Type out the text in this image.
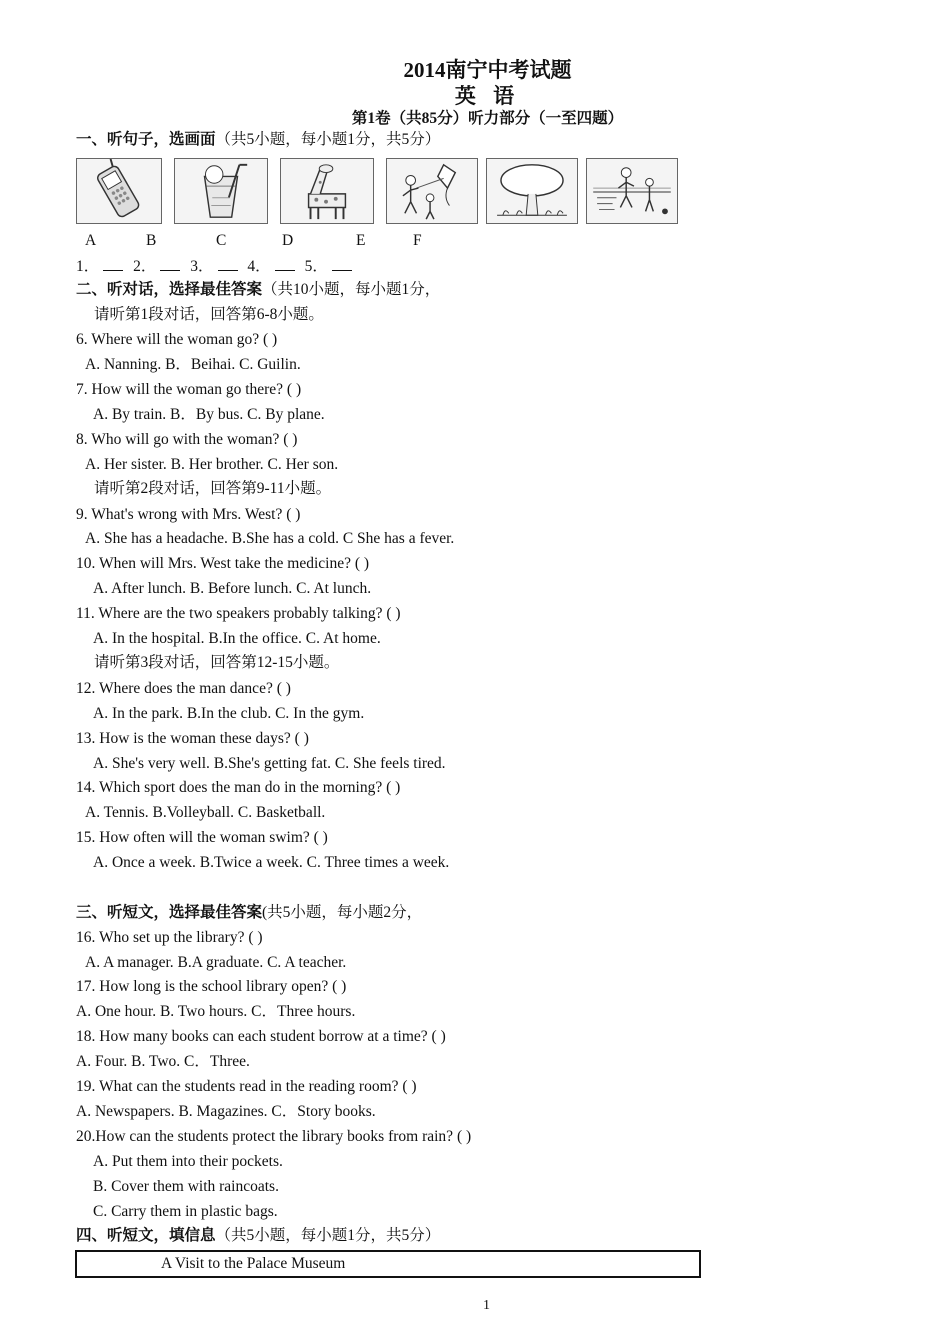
2014南宁中考试题
英 语
第1卷（共85分）听力部分（一至四题）
一、听句子，选画面（共5小题，每小题1分，共5分）
A	B	C	D	E	F
1． 2． 3． 4． 5．
二、听对话，选择最佳答案（共10小题，每小题1分，
请听第1段对话，回答第6-8小题。
6. Where will the woman go? ( )
A. Nanning. B．Beihai. C. Guilin.
7. How will the woman go there? ( )
A. By train. B．By bus. C. By plane.
8. Who will go with the woman? ( )
A. Her sister. B. Her brother. C. Her son.
请听第2段对话，回答第9-11小题。
9. What's wrong with Mrs. West? ( )
A. She has a headache. B.She has a cold. C She has a fever.
10. When will Mrs. West take the medicine? ( )
A. After lunch. B. Before lunch. C. At lunch.
11. Where are the two speakers probably talking? ( )
A. In the hospital. B.In the office. C. At home.
请听第3段对话，回答第12-15小题。
12. Where does the man dance? ( )
A. In the park. B.In the club. C. In the gym.
13. How is the woman these days? ( )
A. She's very well. B.She's getting fat. C. She feels tired.
14. Which sport does the man do in the morning? ( )
A. Tennis. B.Volleyball. C. Basketball.
15. How often will the woman swim? ( )
A. Once a week. B.Twice a week. C. Three times a week.
三、听短文，选择最佳答案(共5小题，每小题2分，
16. Who set up the library? ( )
A. A manager. B.A graduate. C. A teacher.
17. How long is the school library open? ( )
A. One hour. B. Two hours. C．Three hours.
18. How many books can each student borrow at a time? ( )
A. Four. B. Two. C．Three.
19. What can the students read in the reading room? ( )
A. Newspapers. B. Magazines. C．Story books.
20.How can the students protect the library books from rain? ( )
A. Put them into their pockets.
B. Cover them with raincoats.
C. Carry them in plastic bags.
四、听短文，填信息（共5小题，每小题1分，共5分）
A Visit to the Palace Museum
1
